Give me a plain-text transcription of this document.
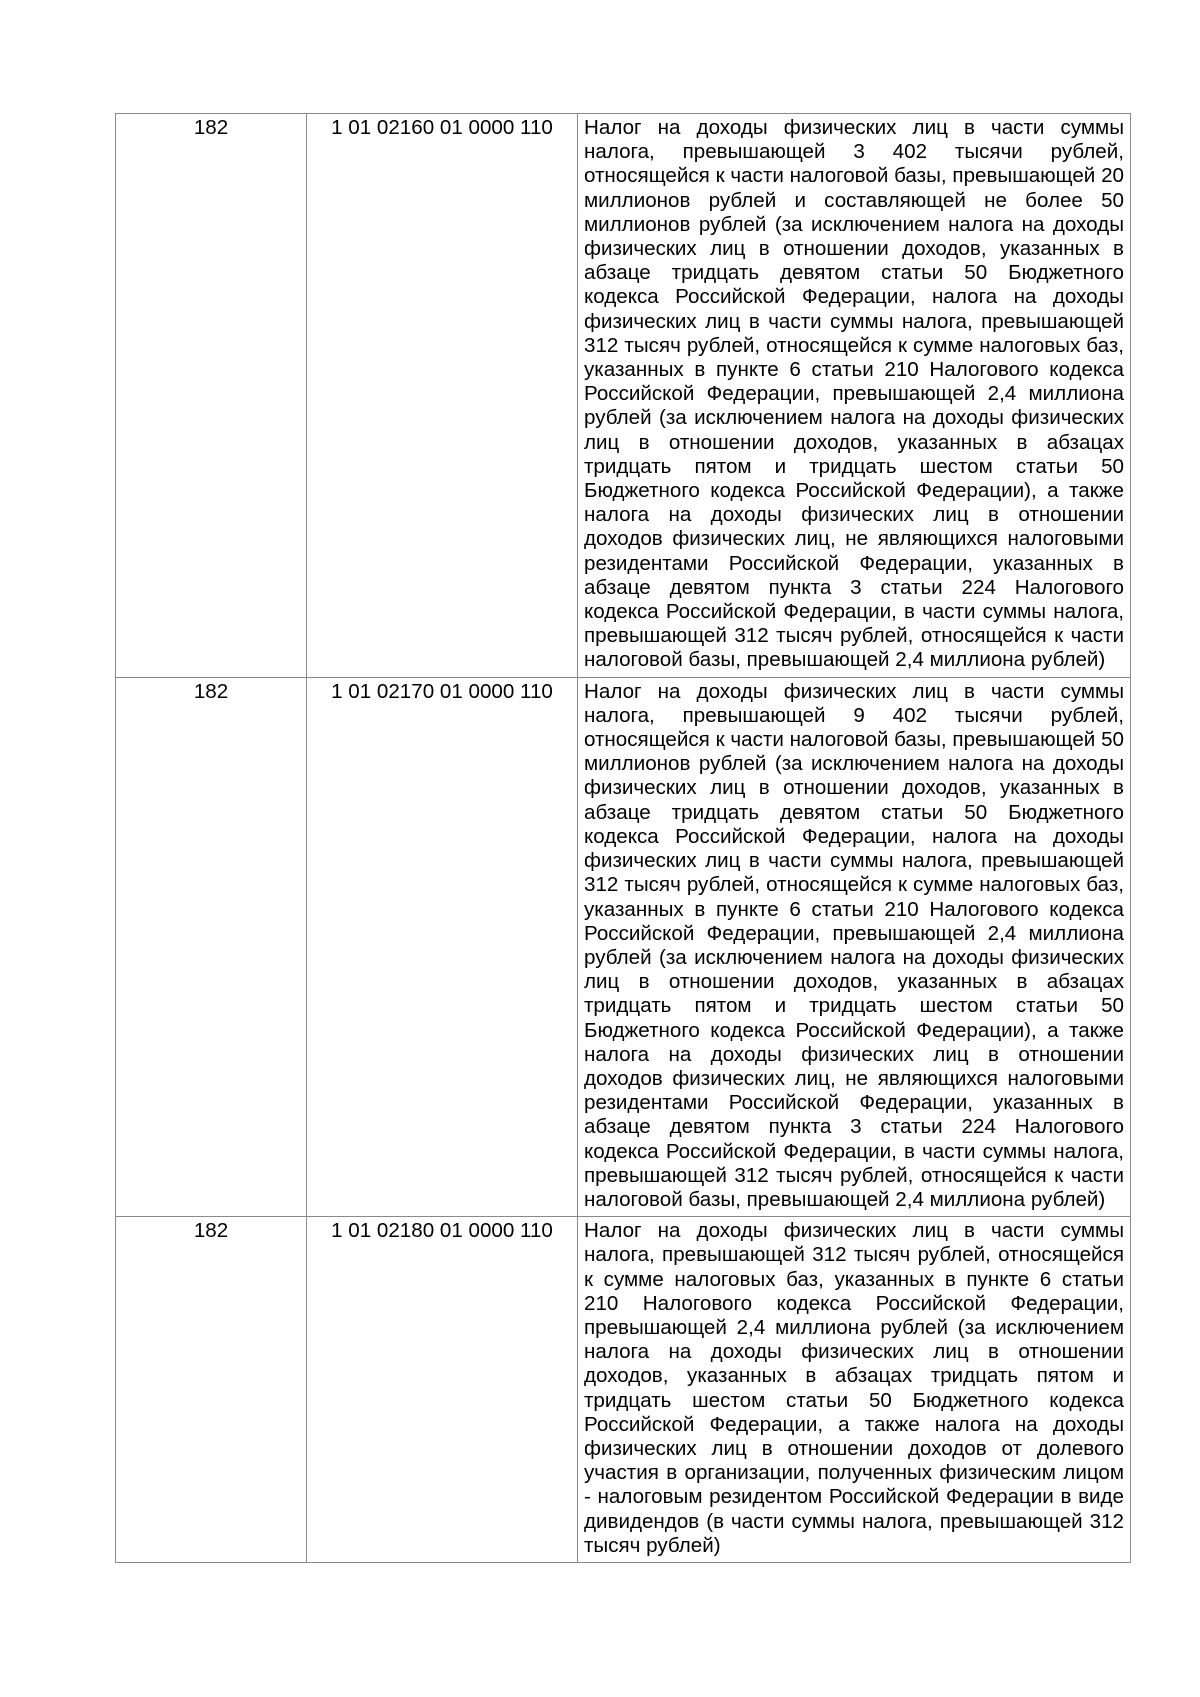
182	1 01 02160 01 0000 110	Налог на доходы физических лиц в части суммы налога, превышающей 3 402 тысячи рублей, относящейся к части налоговой базы, превышающей 20 миллионов рублей и составляющей не более 50 миллионов рублей (за исключением налога на доходы физических лиц в отношении доходов, указанных в абзаце тридцать девятом статьи 50 Бюджетного кодекса Российской Федерации, налога на доходы физических лиц в части суммы налога, превышающей 312 тысяч рублей, относящейся к сумме налоговых баз, указанных в пункте 6 статьи 210 Налогового кодекса Российской Федерации, превышающей 2,4 миллиона рублей (за исключением налога на доходы физических лиц в отношении доходов, указанных в абзацах тридцать пятом и тридцать шестом статьи 50 Бюджетного кодекса Российской Федерации), а также налога на доходы физических лиц в отношении доходов физических лиц, не являющихся налоговыми резидентами Российской Федерации, указанных в абзаце девятом пункта 3 статьи 224 Налогового кодекса Российской Федерации, в части суммы налога, превышающей 312 тысяч рублей, относящейся к части налоговой базы, превышающей 2,4 миллиона рублей)
182	1 01 02170 01 0000 110	Налог на доходы физических лиц в части суммы налога, превышающей 9 402 тысячи рублей, относящейся к части налоговой базы, превышающей 50 миллионов рублей (за исключением налога на доходы физических лиц в отношении доходов, указанных в абзаце тридцать девятом статьи 50 Бюджетного кодекса Российской Федерации, налога на доходы физических лиц в части суммы налога, превышающей 312 тысяч рублей, относящейся к сумме налоговых баз, указанных в пункте 6 статьи 210 Налогового кодекса Российской Федерации, превышающей 2,4 миллиона рублей (за исключением налога на доходы физических лиц в отношении доходов, указанных в абзацах тридцать пятом и тридцать шестом статьи 50 Бюджетного кодекса Российской Федерации), а также налога на доходы физических лиц в отношении доходов физических лиц, не являющихся налоговыми резидентами Российской Федерации, указанных в абзаце девятом пункта 3 статьи 224 Налогового кодекса Российской Федерации, в части суммы налога, превышающей 312 тысяч рублей, относящейся к части налоговой базы, превышающей 2,4 миллиона рублей)
182	1 01 02180 01 0000 110	Налог на доходы физических лиц в части суммы налога, превышающей 312 тысяч рублей, относящейся к сумме налоговых баз, указанных в пункте 6 статьи 210 Налогового кодекса Российской Федерации, превышающей 2,4 миллиона рублей (за исключением налога на доходы физических лиц в отношении доходов, указанных в абзацах тридцать пятом и тридцать шестом статьи 50 Бюджетного кодекса Российской Федерации, а также налога на доходы физических лиц в отношении доходов от долевого участия в организации, полученных физическим лицом - налоговым резидентом Российской Федерации в виде дивидендов (в части суммы налога, превышающей 312 тысяч рублей)
